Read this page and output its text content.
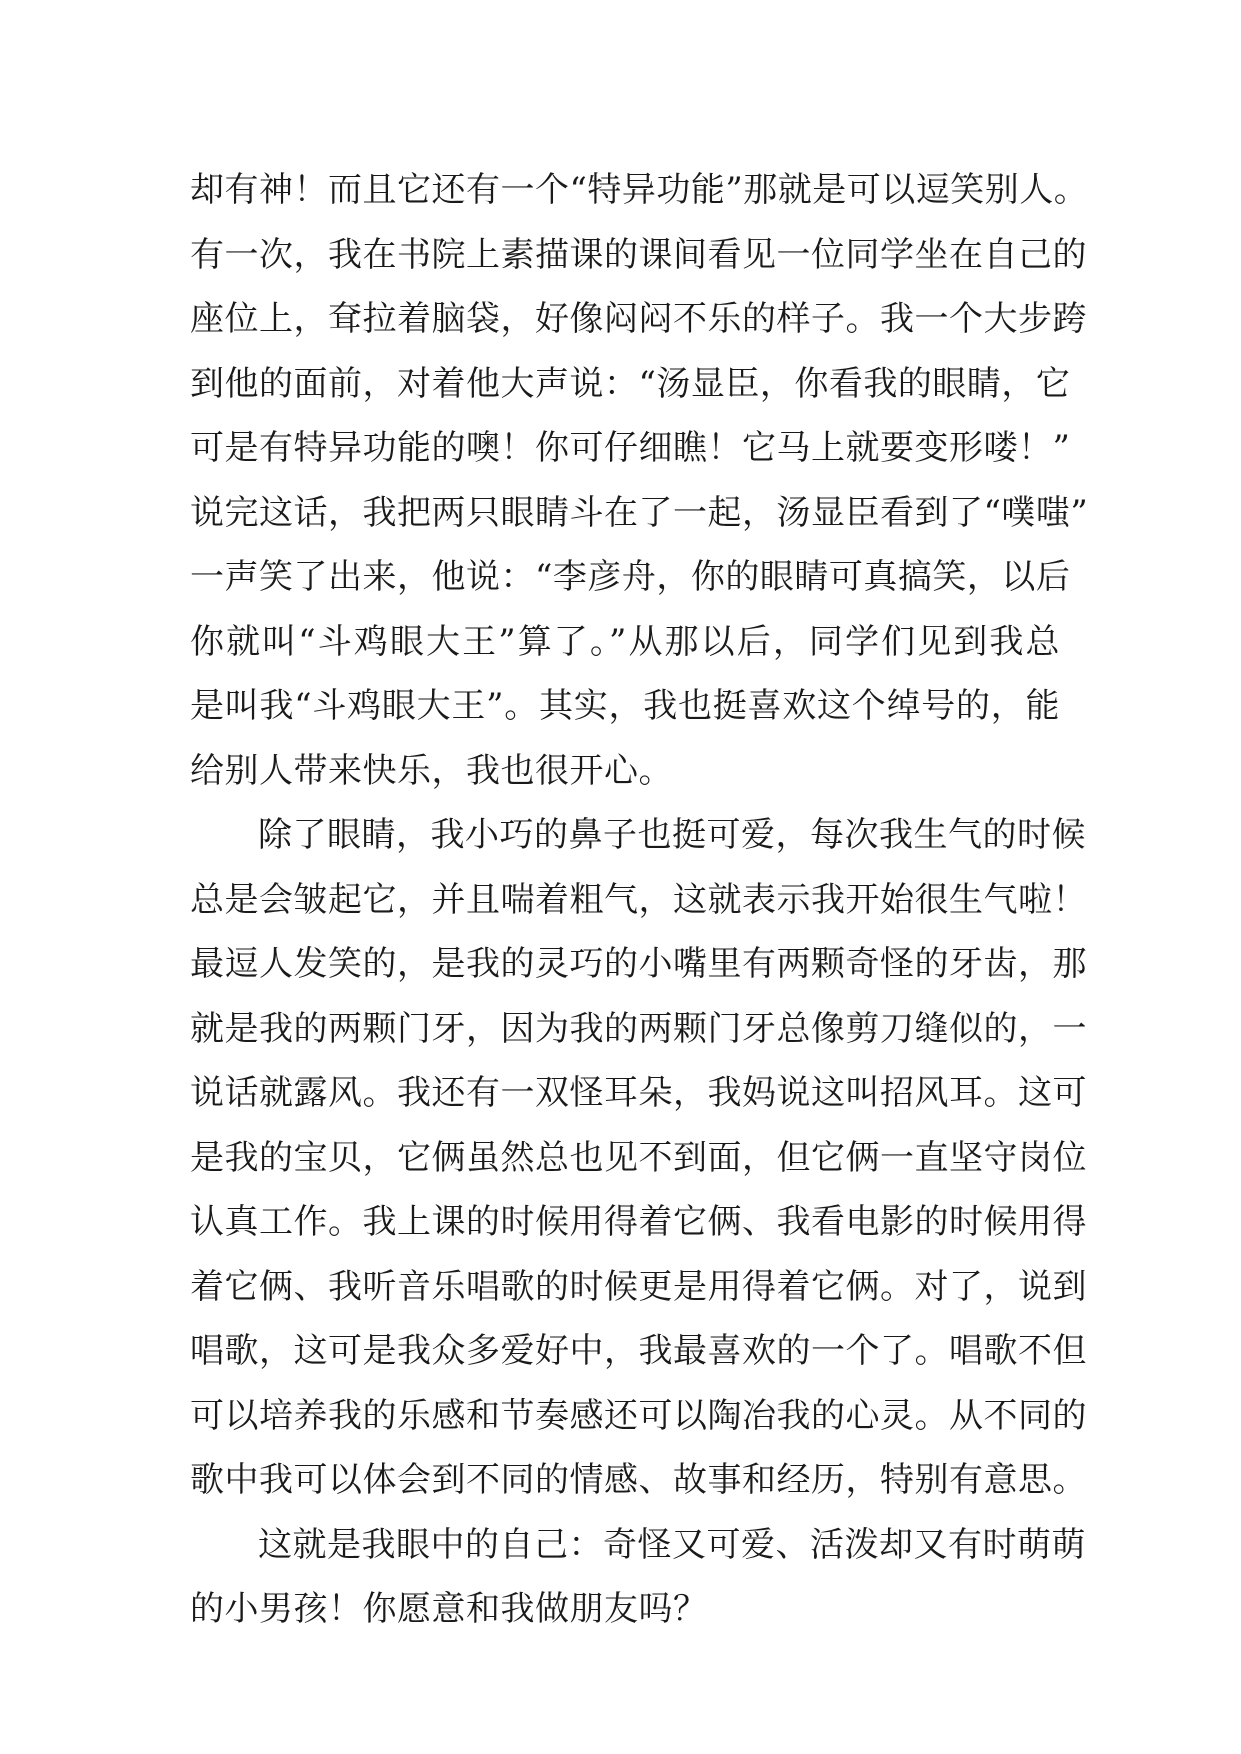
却有神！而且它还有一个“特异功能”那就是可以逗笑别人。
有一次，我在书院上素描课的课间看见一位同学坐在自己的
座位上，耷拉着脑袋，好像闷闷不乐的样子。我一个大步跨
到他的面前，对着他大声说：“汤显臣，你看我的眼睛，它
可是有特异功能的噢！你可仔细瞧！它马上就要变形喽！”
说完这话，我把两只眼睛斗在了一起，汤显臣看到了“噗嗤”
一声笑了出来，他说：“李彦舟，你的眼睛可真搞笑，以后
你就叫“斗鸡眼大王”算了。”从那以后，同学们见到我总
是叫我“斗鸡眼大王”。其实，我也挺喜欢这个绰号的，能
给别人带来快乐，我也很开心。
除了眼睛，我小巧的鼻子也挺可爱，每次我生气的时候
总是会皱起它，并且喘着粗气，这就表示我开始很生气啦！
最逗人发笑的，是我的灵巧的小嘴里有两颗奇怪的牙齿，那
就是我的两颗门牙，因为我的两颗门牙总像剪刀缝似的，一
说话就露风。我还有一双怪耳朵，我妈说这叫招风耳。这可
是我的宝贝，它俩虽然总也见不到面，但它俩一直坚守岗位
认真工作。我上课的时候用得着它俩、我看电影的时候用得
着它俩、我听音乐唱歌的时候更是用得着它俩。对了，说到
唱歌，这可是我众多爱好中，我最喜欢的一个了。唱歌不但
可以培养我的乐感和节奏感还可以陶冶我的心灵。从不同的
歌中我可以体会到不同的情感、故事和经历，特别有意思。
这就是我眼中的自己：奇怪又可爱、活泼却又有时萌萌
的小男孩！你愿意和我做朋友吗？
